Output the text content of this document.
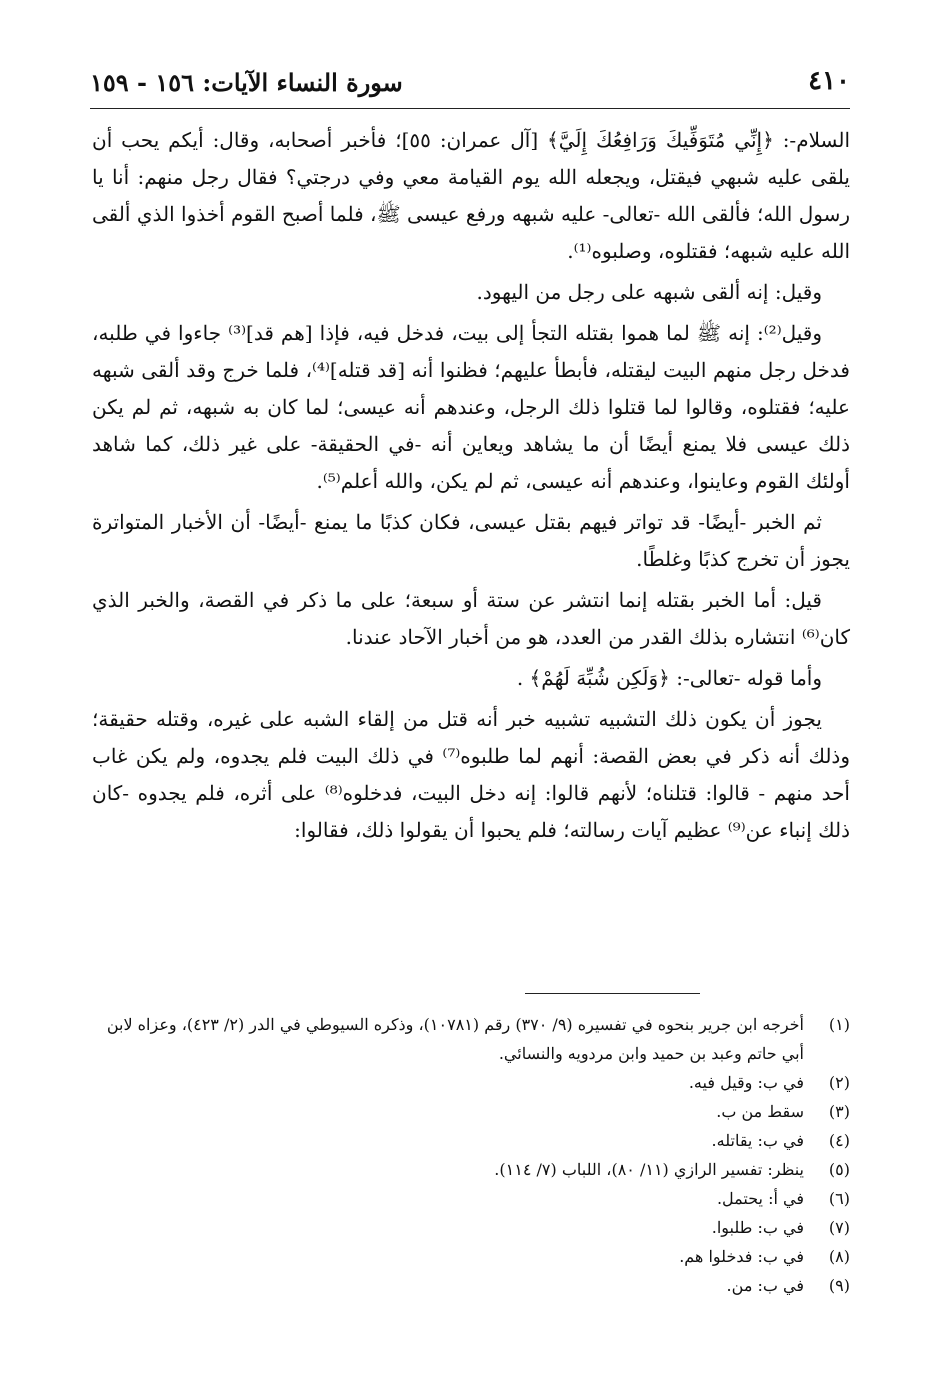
٤١٠
سورة النساء الآيات: ١٥٦ - ١٥٩

السلام-: ﴿إِنِّي مُتَوَفِّيكَ وَرَافِعُكَ إِلَيَّ﴾ [آل عمران: ٥٥]؛ فأخبر أصحابه، وقال: أيكم يحب أن يلقى عليه شبهي فيقتل، ويجعله الله يوم القيامة معي وفي درجتي؟ فقال رجل منهم: أنا يا رسول الله؛ فألقى الله -تعالى- عليه شبهه ورفع عيسى ﷺ، فلما أصبح القوم أخذوا الذي ألقى الله عليه شبهه؛ فقتلوه، وصلبوه⁽¹⁾.

وقيل: إنه ألقى شبهه على رجل من اليهود.

وقيل⁽²⁾: إنه ﷺ لما هموا بقتله التجأ إلى بيت، فدخل فيه، فإذا [هم قد]⁽³⁾ جاءوا في طلبه، فدخل رجل منهم البيت ليقتله، فأبطأ عليهم؛ فظنوا أنه [قد قتله]⁽⁴⁾، فلما خرج وقد ألقى شبهه عليه؛ فقتلوه، وقالوا لما قتلوا ذلك الرجل، وعندهم أنه عيسى؛ لما كان به شبهه، ثم لم يكن ذلك عيسى فلا يمنع أيضًا أن ما يشاهد ويعاين أنه -في الحقيقة- على غير ذلك، كما شاهد أولئك القوم وعاينوا، وعندهم أنه عيسى، ثم لم يكن، والله أعلم⁽⁵⁾.

ثم الخبر -أيضًا- قد تواتر فيهم بقتل عيسى، فكان كذبًا ما يمنع -أيضًا- أن الأخبار المتواترة يجوز أن تخرج كذبًا وغلطًا.

قيل: أما الخبر بقتله إنما انتشر عن ستة أو سبعة؛ على ما ذكر في القصة، والخبر الذي كان⁽⁶⁾ انتشاره بذلك القدر من العدد، هو من أخبار الآحاد عندنا.

وأما قوله -تعالى-: ﴿وَلَكِن شُبِّهَ لَهُمْ﴾ .

يجوز أن يكون ذلك التشبيه تشبيه خبر أنه قتل من إلقاء الشبه على غيره، وقتله حقيقة؛ وذلك أنه ذكر في بعض القصة: أنهم لما طلبوه⁽⁷⁾ في ذلك البيت فلم يجدوه، ولم يكن غاب أحد منهم - قالوا: قتلناه؛ لأنهم قالوا: إنه دخل البيت، فدخلوه⁽⁸⁾ على أثره، فلم يجدوه -كان ذلك إنباء عن⁽⁹⁾ عظيم آيات رسالته؛ فلم يحبوا أن يقولوا ذلك، فقالوا:

(١)
أخرجه ابن جرير بنحوه في تفسيره (٩/ ٣٧٠) رقم (١٠٧٨١)، وذكره السيوطي في الدر (٢/ ٤٢٣)، وعزاه لابن أبي حاتم وعبد بن حميد وابن مردويه والنسائي.
(٢)
في ب: وقيل فيه.
(٣)
سقط من ب.
(٤)
في ب: يقاتله.
(٥)
ينظر: تفسير الرازي (١١/ ٨٠)، اللباب (٧/ ١١٤).
(٦)
في أ: يحتمل.
(٧)
في ب: طلبوا.
(٨)
في ب: فدخلوا هم.
(٩)
في ب: من.
